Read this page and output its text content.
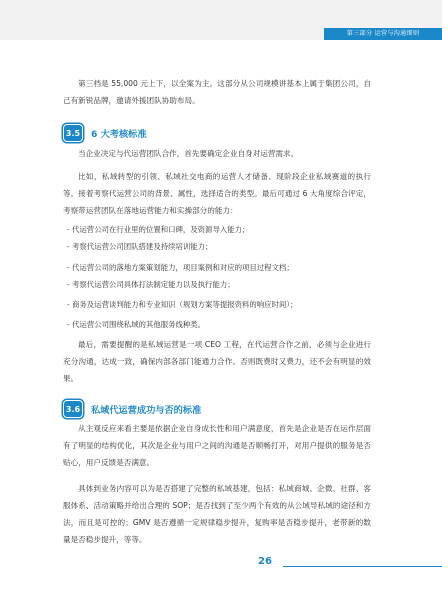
第三部分 运营与沟通细则

第三档是 55,000 元上下，以全案为主。这部分从公司规模讲基本上属于集团公司，自己有新锐品牌，邀请外援团队协助布局。

3.5	6 大考核标准

当企业决定与代运营团队合作，首先要确定企业自身对运营需求。

比如，私域转型的引领、私域社交电商的运营人才储备、现阶段企业私域赛道的执行等。接着考察代运营公司的背景、属性，选择适合的类型。最后可通过 6 大角度综合评定，考察带运营团队在落地运营能力和实操部分的能力：

- 代运营公司在行业里的位置和口碑，及资源导入能力；
- 考察代运营公司团队搭建及持续培训能力；
- 代运营公司的落地方案策划能力，项目案例和对应的项目过程文档；
- 考察代运营公司具体打法制定能力以及执行能力；
- 商务及运营谈判能力和专业知识（规划方案等提报资料的响应时间）；
- 代运营公司围绕私域的其他服务线种类。

最后，需要提醒的是私域运营是一项 CEO 工程，在代运营合作之前，必须与企业进行充分沟通，达成一致，确保内部各部门能通力合作。否则既费时又费力，还不会有明显的效果。

3.6	私域代运营成功与否的标准

从主观反应来看主要是依据企业自身成长性和用户满意度，首先是企业是否在运作层面有了明显的结构优化，其次是企业与用户之间的沟通是否顺畅打开，对用户提供的服务是否贴心，用户反馈是否满意。

具体到业务内容可以为是否搭建了完整的私域基建，包括：私域商城、企微、社群、客服体系、活动策略并给出合理的 SOP；是否找到了至少两个有效的从公域导私域的途径和方法，而且是可控的；GMV 是否遵循一定规律稳步提升，复购率是否稳步提升，老带新的数量是否稳步提升，等等。

26
